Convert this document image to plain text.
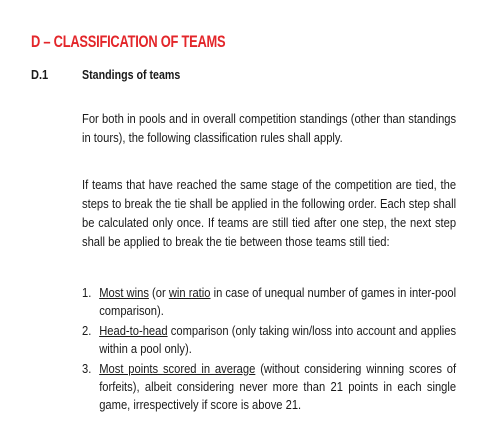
D – CLASSIFICATION OF TEAMS
D.1	Standings of teams

For both in pools and in overall competition standings (other than standings in tours), the following classification rules shall apply.

If teams that have reached the same stage of the competition are tied, the steps to break the tie shall be applied in the following order. Each step shall be calculated only once. If teams are still tied after one step, the next step shall be applied to break the tie between those teams still tied:

1. Most wins (or win ratio in case of unequal number of games in inter-pool comparison).
2. Head-to-head comparison (only taking win/loss into account and applies within a pool only).
3. Most points scored in average (without considering winning scores of forfeits), albeit considering never more than 21 points in each single game, irrespectively if score is above 21.
